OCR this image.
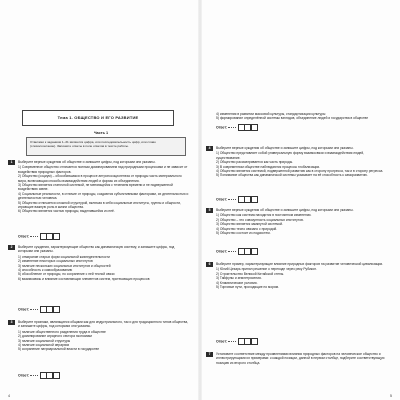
Тема 1. ОБЩЕСТВО И ЕГО РАЗВИТИЕ
Часть 1
Ответами к заданиям 1–31 являются цифра, или последовательность цифр, или слово (словосочетание). Запишите ответы в поле ответов в тексте работы.
1	Выберите верные суждения об обществе и запишите цифры, под которыми они указаны.

1) Современное общество отличается полным доминированием над природными процессами и не зависит от воздействия природных факторов.

2) Общество (социум) – обособившаяся в процессе антропосоциогенеза от природы часть материального мира, включающая способы взаимодействия людей и формы их объединения.

3) Общество является статичной системой, не меняющейся с течением времени и не подверженной воздействию извне.

4) Социальные реальности, в отличие от природы, создаются субъективными факторами, их деятельностью и деятельностью человека.

5) Общество отличается сложной структурой, включая в себя социальные институты, группы и общности, играющие важную роль в жизни общества.

6) Общество является частью природы, выделившейся из неё.

Ответ:
2	Выберите суждения, характеризующие общество как динамическую систему, и запишите цифры, под которыми они указаны.

1) отмирание старых форм социальной жизнедеятельности

2) изменение некоторых социальных институтов

3) наличие нескольких социальных институтов и общностей

4) способность к самообразованию

5) обособление от природы, но сохранение с ней тесной связи

6) взаимосвязь и влияние составляющих элементов систем, протекающих процессов

Ответ:
3	Выберите признаки, являющиеся общими как для индустриального, так и для традиционного типов общества, и запишите цифры, под которыми они указаны.

1) наличие общественного разделения труда в обществе

2) доминирование аграрного сектора экономики

3) наличие социальной структуры

4) наличие социальной иерархии

5) сохранение патриархальной власти в государстве

Ответ:
4

4) изменения в развитии массовой культуры, стандартизации культуры

5) формирование определённой системы взглядов, объединение людей и государства в обществе

Ответ:
4	Выберите верные суждения об обществе и запишите цифры, под которыми они указаны.

1) Общество представляет собой универсальную форму взаимосвязи и взаимодействия людей, существование.

2) Общество рассматривается как часть природы.

3) В современном обществе наблюдаются процессы глобализации.

4) Общество является системой, подверженной развитию как в сторону прогресса, так и в сторону регресса.

5) Понимание общества как динамической системы указывает на её способность к саморазвитию.

Ответ:
5	Выберите верные суждения об обществе и запишите цифры, под которыми они указаны.

1) Общество как система находится в постоянном изменении.

2) Общество – это совокупность социальных институтов.

3) Общество является замкнутой системой.

4) Общество тесно связано с природой.

5) Общество состоит из подсистем.

Ответ:
6	Выберите пример, характеризующие влияние природных факторов на развитие человеческой цивилизации.

1) Юлий Цезарь принял решение о переходе через реку Рубикон.

2) Строительство Великой Китайской стены.

3) Тайфуны и землетрясения.

4) Климатические условия.

5) Торговые пути, проходящие по морям.

Ответ:
7	Установите соответствие между проявлениями влияния природных факторов на человеческое общество и иллюстрирующими их примерами: к каждой позиции, данной в первом столбце, подберите соответствующую позицию из второго столбца.

5
